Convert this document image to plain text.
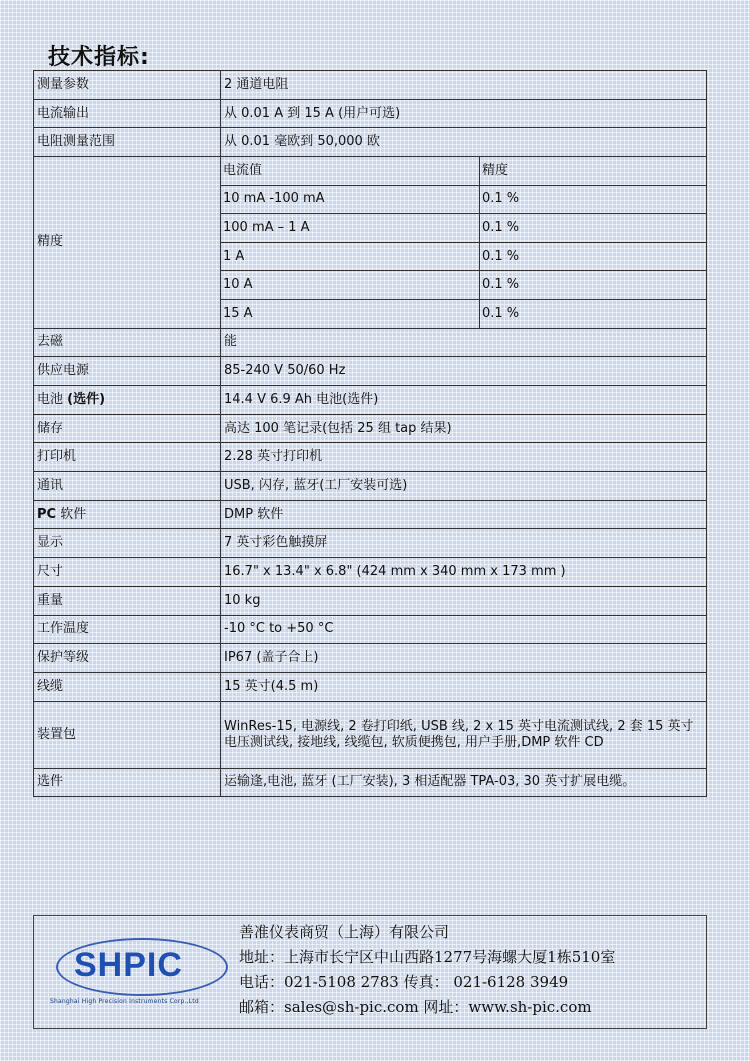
技术指标:
测量参数	2 通道电阻
电流输出	从 0.01 A 到 15 A (用户可选)
电阻测量范围	从 0.01 毫欧到 50,000 欧
精度	
电流值	精度
10 mA -100 mA	0.1 %
100 mA – 1 A	0.1 %
1 A	0.1 %
10 A	0.1 %
15 A	0.1 %

去磁	能
供应电源	85-240 V 50/60 Hz
电池 (选件)	14.4 V 6.9 Ah 电池(选件)
储存	高达 100 笔记录(包括 25 组 tap 结果)
打印机	2.28 英寸打印机
通讯	USB, 闪存, 蓝牙(工厂安装可选)
PC 软件	DMP 软件
显示	7 英寸彩色触摸屏
尺寸	16.7" x 13.4" x 6.8" (424 mm x 340 mm x 173 mm )
重量	10 kg
工作温度	-10 °C to +50 °C
保护等级	IP67 (盖子合上)
线缆	15 英寸(4.5 m)
装置包	WinRes-15, 电源线, 2 卷打印纸, USB 线, 2 x 15 英寸电流测试线, 2 套 15 英寸电压测试线, 接地线, 线缆包, 软质便携包, 用户手册,DMP 软件 CD
选件	运输逢,电池, 蓝牙 (工厂安装), 3 相适配器 TPA-03, 30 英寸扩展电缆。
SHPIC
Shanghai High Precision Instruments Corp.,Ltd
善准仪表商贸（上海）有限公司
地址：上海市长宁区中山西路1277号海螺大厦1栋510室
电话：021-5108 2783 传真： 021-6128 3949
邮箱：sales@sh-pic.com 网址：www.sh-pic.com
